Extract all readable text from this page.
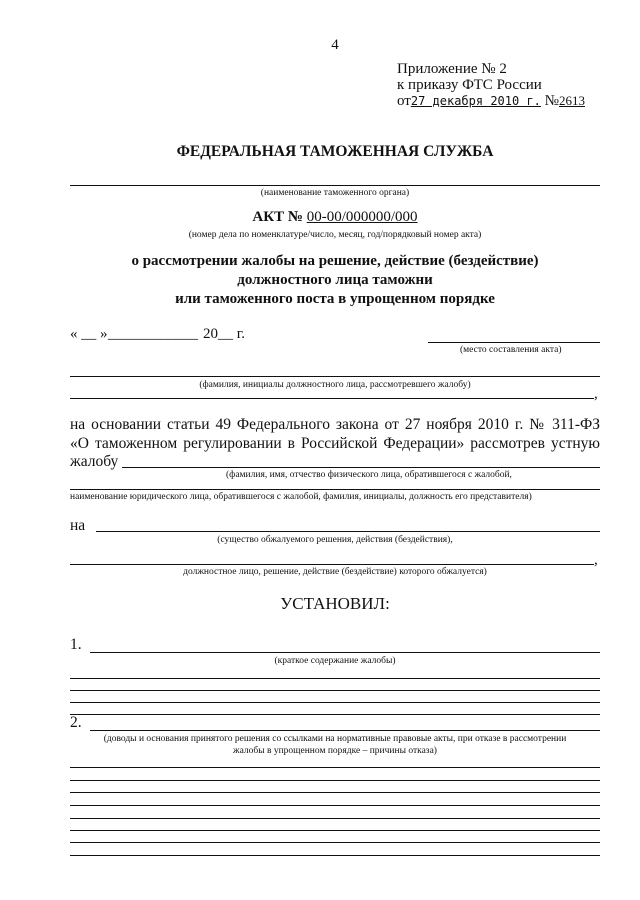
4
Приложение № 2
к приказу ФТС России
от27 декабря 2010 г. №2613
ФЕДЕРАЛЬНАЯ ТАМОЖЕННАЯ СЛУЖБА
(наименование таможенного органа)
АКТ № 00-00/000000/000
(номер дела по номенклатуре/число, месяц, год/порядковый номер акта)
о рассмотрении жалобы на решение, действие (бездействие)
должностного лица таможни
или таможенного поста в упрощенном порядке
« __ » ____________ 20__ г.
(место составления акта)
(фамилия, инициалы должностного лица, рассмотревшего жалобу)
,
на основании статьи 49 Федерального закона от 27 ноября 2010 г. № 311-ФЗ
«О таможенном регулировании в Российской Федерации» рассмотрев устную
жалобу
(фамилия, имя, отчество физического лица, обратившегося с жалобой,
наименование юридического лица, обратившегося с жалобой, фамилия, инициалы, должность его представителя)
на
(существо обжалуемого решения, действия (бездействия),
,
должностное лицо, решение, действие (бездействие) которого обжалуется)
УСТАНОВИЛ:
1.
(краткое содержание жалобы)
2.
(доводы и основания принятого решения со ссылками на нормативные правовые акты, при отказе в рассмотрении
жалобы в упрощенном порядке – причины отказа)
